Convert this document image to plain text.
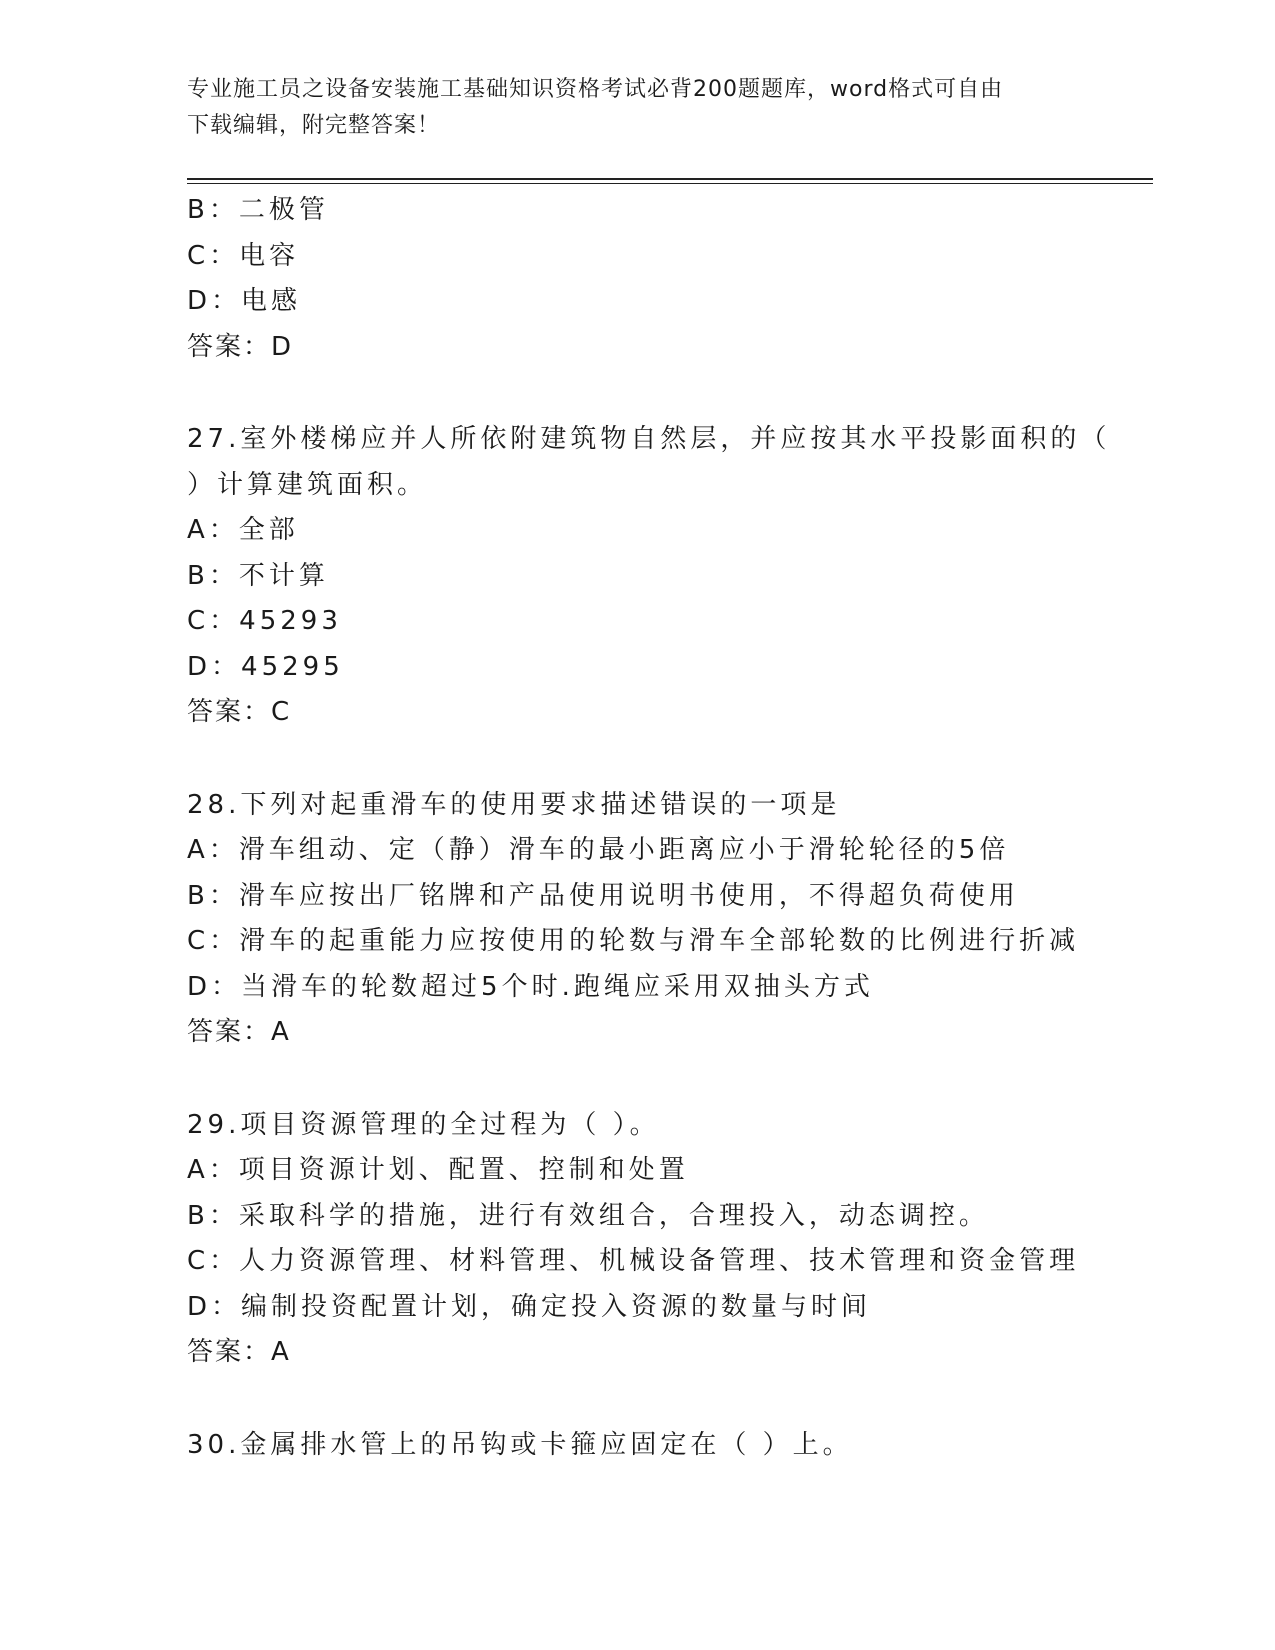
专业施工员之设备安装施工基础知识资格考试必背200题题库，word格式可自由
下载编辑，附完整答案！
B：二极管
C：电容
D：电感
答案：D
27.室外楼梯应并人所依附建筑物自然层，并应按其水平投影面积的（
）计算建筑面积。
A：全部
B：不计算
C：45293
D：45295
答案：C
28.下列对起重滑车的使用要求描述错误的一项是
A：滑车组动、定（静）滑车的最小距离应小于滑轮轮径的5倍
B：滑车应按出厂铭牌和产品使用说明书使用，不得超负荷使用
C：滑车的起重能力应按使用的轮数与滑车全部轮数的比例进行折减
D：当滑车的轮数超过5个时.跑绳应采用双抽头方式
答案：A
29.项目资源管理的全过程为（ ）。
A：项目资源计划、配置、控制和处置
B：采取科学的措施，进行有效组合，合理投入，动态调控。
C：人力资源管理、材料管理、机械设备管理、技术管理和资金管理
D：编制投资配置计划，确定投入资源的数量与时间
答案：A
30.金属排水管上的吊钩或卡箍应固定在（ ）上。
